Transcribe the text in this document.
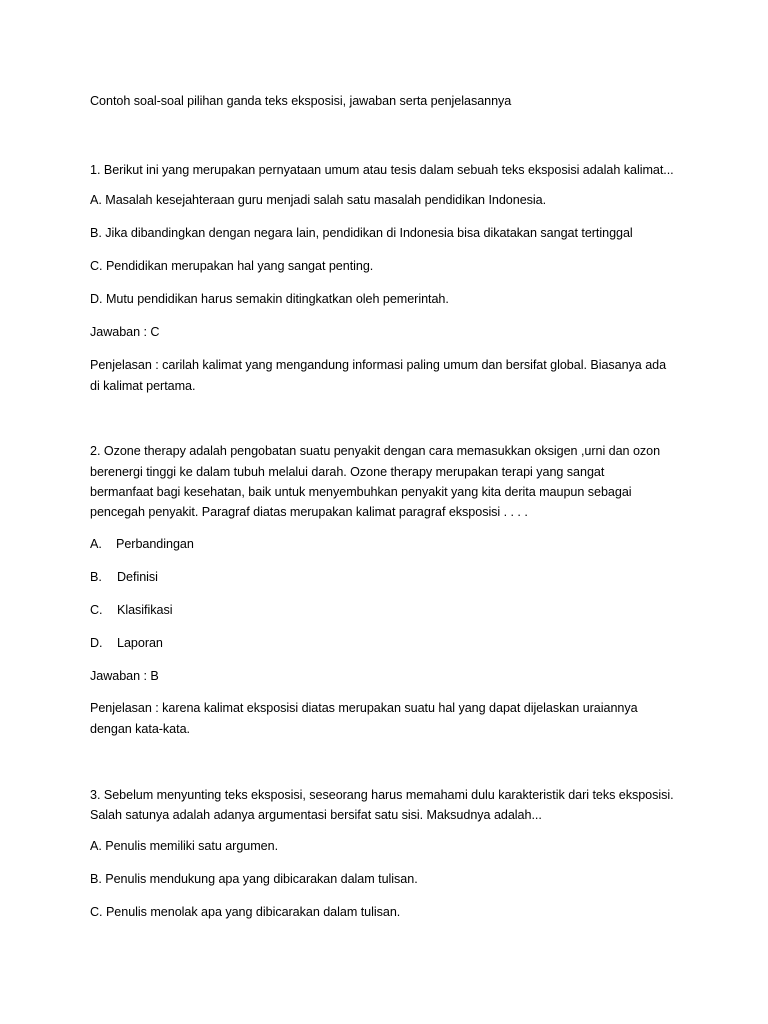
Contoh soal-soal pilihan ganda teks eksposisi, jawaban serta penjelasannya
1. Berikut ini yang merupakan pernyataan umum atau tesis dalam sebuah teks eksposisi adalah kalimat...
A. Masalah kesejahteraan guru menjadi salah satu masalah pendidikan Indonesia.
B. Jika dibandingkan dengan negara lain, pendidikan di Indonesia bisa dikatakan sangat tertinggal
C. Pendidikan merupakan hal yang sangat penting.
D. Mutu pendidikan harus semakin ditingkatkan oleh pemerintah.
Jawaban : C
Penjelasan : carilah kalimat yang mengandung informasi paling umum dan bersifat global. Biasanya ada
di kalimat pertama.
2. Ozone therapy adalah pengobatan suatu penyakit dengan cara memasukkan oksigen ,urni dan ozon
berenergi tinggi ke dalam tubuh melalui darah. Ozone therapy merupakan terapi yang sangat
bermanfaat bagi kesehatan, baik untuk menyembuhkan penyakit yang kita derita maupun sebagai
pencegah penyakit. Paragraf diatas merupakan kalimat paragraf eksposisi . . . .
A. Perbandingan
B. Definisi
C. Klasifikasi
D. Laporan
Jawaban : B
Penjelasan : karena kalimat eksposisi diatas merupakan suatu hal yang dapat dijelaskan uraiannya
dengan kata-kata.
3. Sebelum menyunting teks eksposisi, seseorang harus memahami dulu karakteristik dari teks eksposisi.
Salah satunya adalah adanya argumentasi bersifat satu sisi. Maksudnya adalah...
A. Penulis memiliki satu argumen.
B. Penulis mendukung apa yang dibicarakan dalam tulisan.
C. Penulis menolak apa yang dibicarakan dalam tulisan.
